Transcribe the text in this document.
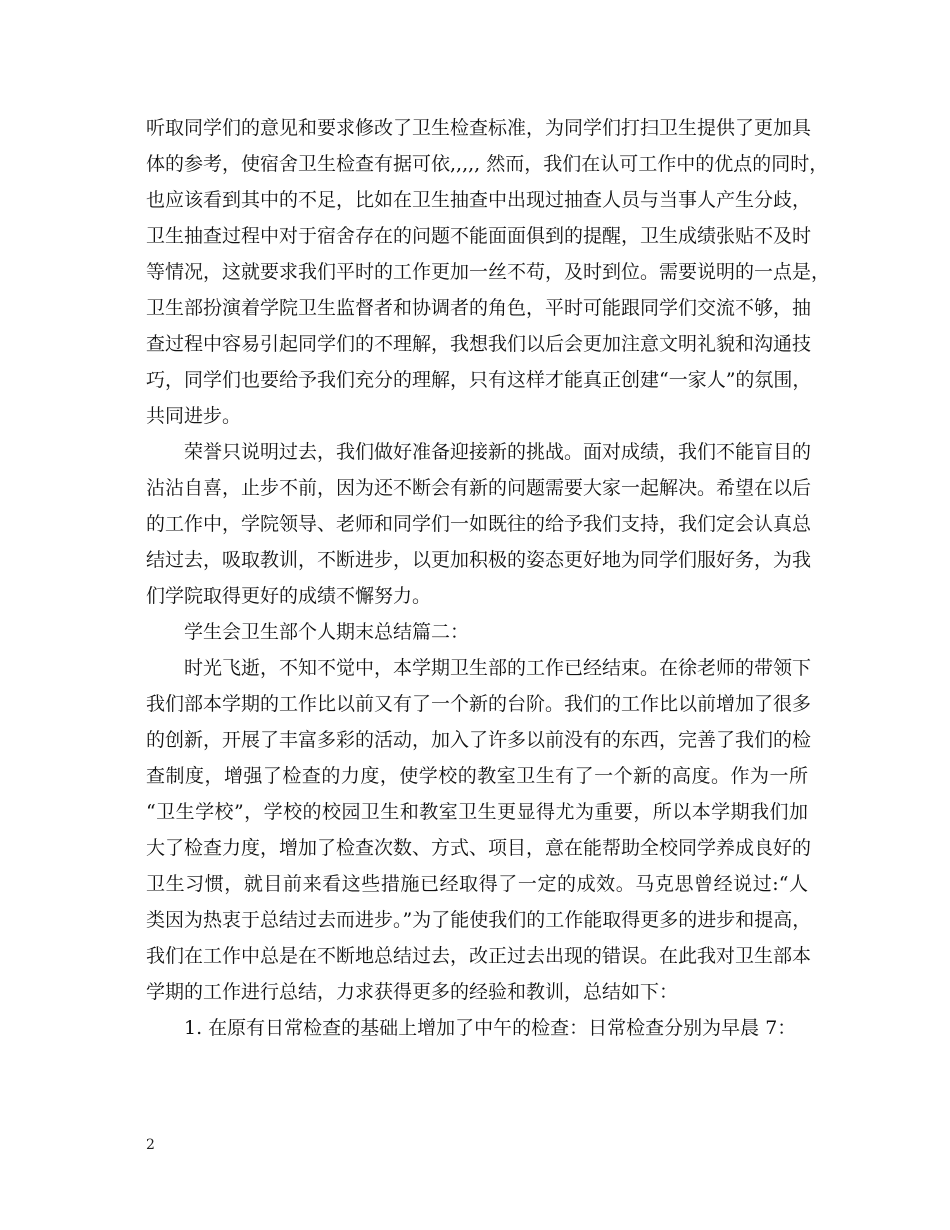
听取同学们的意见和要求修改了卫生检查标准，为同学们打扫卫生提供了更加具
体的参考，使宿舍卫生检查有据可依,,,,, 然而，我们在认可工作中的优点的同时，
也应该看到其中的不足，比如在卫生抽查中出现过抽查人员与当事人产生分歧，
卫生抽查过程中对于宿舍存在的问题不能面面俱到的提醒，卫生成绩张贴不及时
等情况，这就要求我们平时的工作更加一丝不苟，及时到位。需要说明的一点是，
卫生部扮演着学院卫生监督者和协调者的角色，平时可能跟同学们交流不够，抽
查过程中容易引起同学们的不理解，我想我们以后会更加注意文明礼貌和沟通技
巧，同学们也要给予我们充分的理解，只有这样才能真正创建“一家人”的氛围，
共同进步。
荣誉只说明过去，我们做好准备迎接新的挑战。面对成绩，我们不能盲目的
沾沾自喜，止步不前，因为还不断会有新的问题需要大家一起解决。希望在以后
的工作中，学院领导、老师和同学们一如既往的给予我们支持，我们定会认真总
结过去，吸取教训，不断进步，以更加积极的姿态更好地为同学们服好务，为我
们学院取得更好的成绩不懈努力。
学生会卫生部个人期末总结篇二：
时光飞逝，不知不觉中，本学期卫生部的工作已经结束。在徐老师的带领下
我们部本学期的工作比以前又有了一个新的台阶。我们的工作比以前增加了很多
的创新，开展了丰富多彩的活动，加入了许多以前没有的东西，完善了我们的检
查制度，增强了检查的力度，使学校的教室卫生有了一个新的高度。作为一所
“卫生学校”，学校的校园卫生和教室卫生更显得尤为重要，所以本学期我们加
大了检查力度，增加了检查次数、方式、项目，意在能帮助全校同学养成良好的
卫生习惯，就目前来看这些措施已经取得了一定的成效。马克思曾经说过:“人
类因为热衷于总结过去而进步。”为了能使我们的工作能取得更多的进步和提高，
我们在工作中总是在不断地总结过去，改正过去出现的错误。在此我对卫生部本
学期的工作进行总结，力求获得更多的经验和教训，总结如下：
1. 在原有日常检查的基础上增加了中午的检查：日常检查分别为早晨 7：
2
